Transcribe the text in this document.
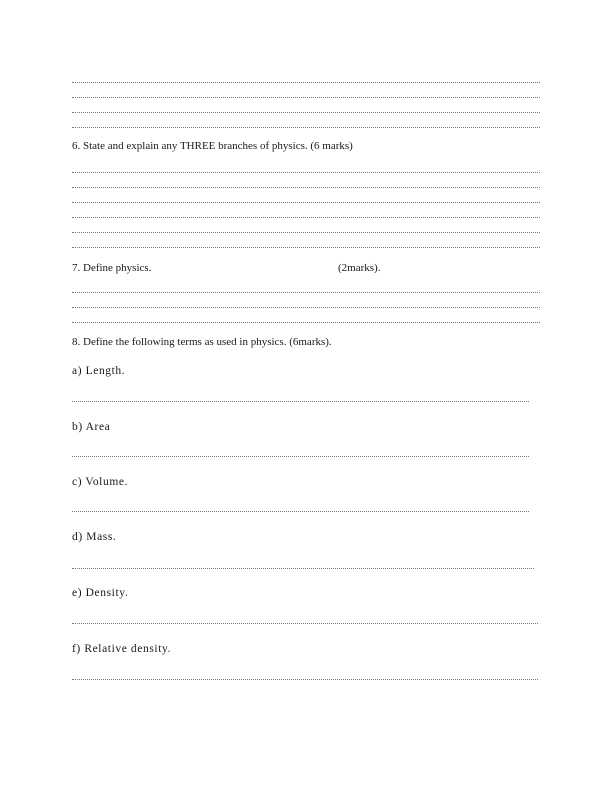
6. State and explain any THREE branches of physics. (6 marks)
7. Define physics.	(2marks).
8. Define the following terms as used in physics. (6marks).
a) Length.
b) Area
c) Volume.
d) Mass.
e) Density.
f) Relative density.
